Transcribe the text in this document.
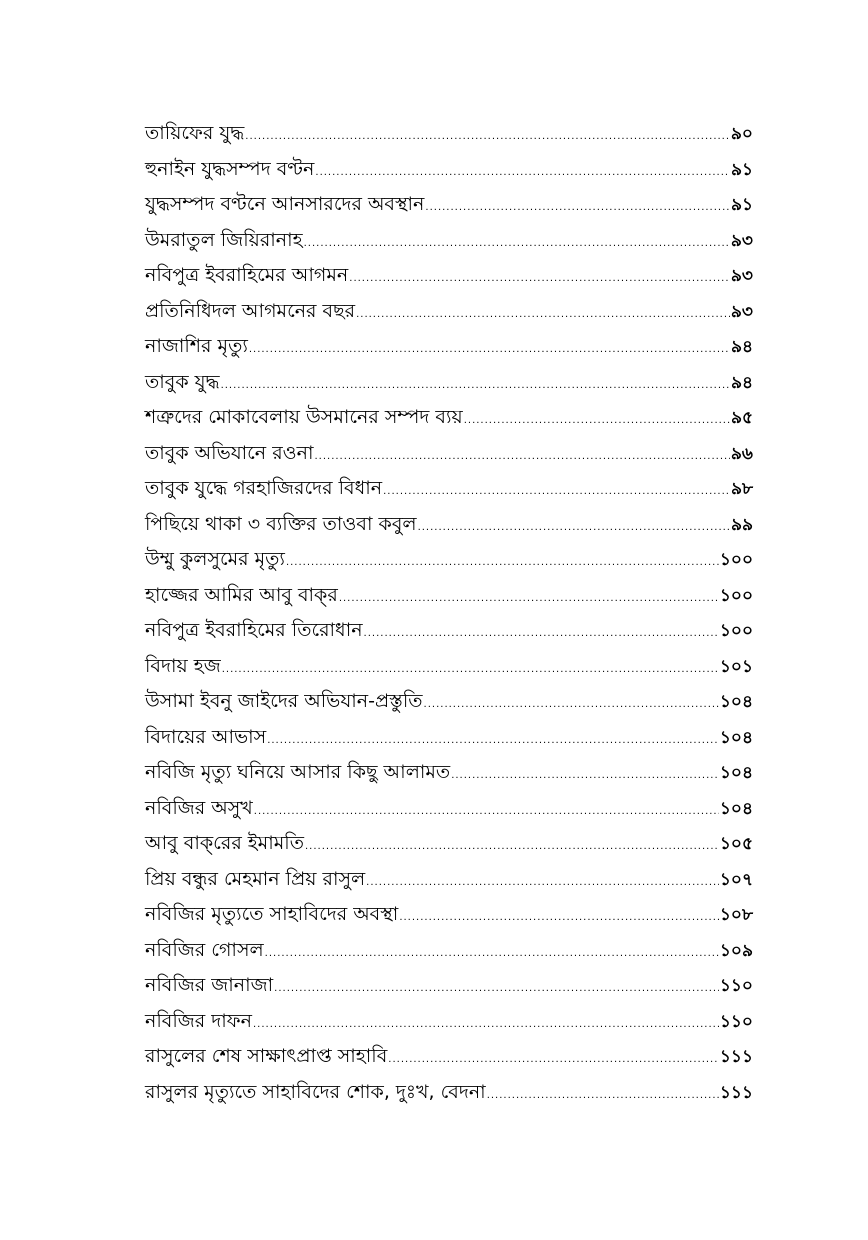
তায়িফের যুদ্ধ .....	৯০
হুনাইন যুদ্ধসম্পদ বণ্টন .....	৯১
যুদ্ধসম্পদ বণ্টনে আনসারদের অবস্থান .....	৯১
উমরাতুল জিয়িরানাহ .....	৯৩
নবিপুত্র ইবরাহিমের আগমন .....	৯৩
প্রতিনিধিদল আগমনের বছর .....	৯৩
নাজাশির মৃত্যু .....	৯৪
তাবুক যুদ্ধ .....	৯৪
শত্রুদের মোকাবেলায় উসমানের সম্পদ ব্যয় .....	৯৫
তাবুক অভিযানে রওনা .....	৯৬
তাবুক যুদ্ধে গরহাজিরদের বিধান .....	৯৮
পিছিয়ে থাকা ৩ ব্যক্তির তাওবা কবুল .....	৯৯
উম্মু কুলসুমের মৃত্যু .....	১০০
হাজ্জের আমির আবু বাক্‌র .....	১০০
নবিপুত্র ইবরাহিমের তিরোধান .....	১০০
বিদায় হজ .....	১০১
উসামা ইবনু জাইদের অভিযান-প্রস্তুতি .....	১০৪
বিদায়ের আভাস .....	১০৪
নবিজি মৃত্যু ঘনিয়ে আসার কিছু আলামত .....	১০৪
নবিজির অসুখ .....	১০৪
আবু বাক্‌রের ইমামতি .....	১০৫
প্রিয় বন্ধুর মেহমান প্রিয় রাসুল .....	১০৭
নবিজির মৃত্যুতে সাহাবিদের অবস্থা .....	১০৮
নবিজির গোসল .....	১০৯
নবিজির জানাজা .....	১১০
নবিজির দাফন .....	১১০
রাসুলের শেষ সাক্ষাৎপ্রাপ্ত সাহাবি .....	১১১
রাসুলর মৃত্যুতে সাহাবিদের শোক, দুঃখ, বেদনা .....	১১১
